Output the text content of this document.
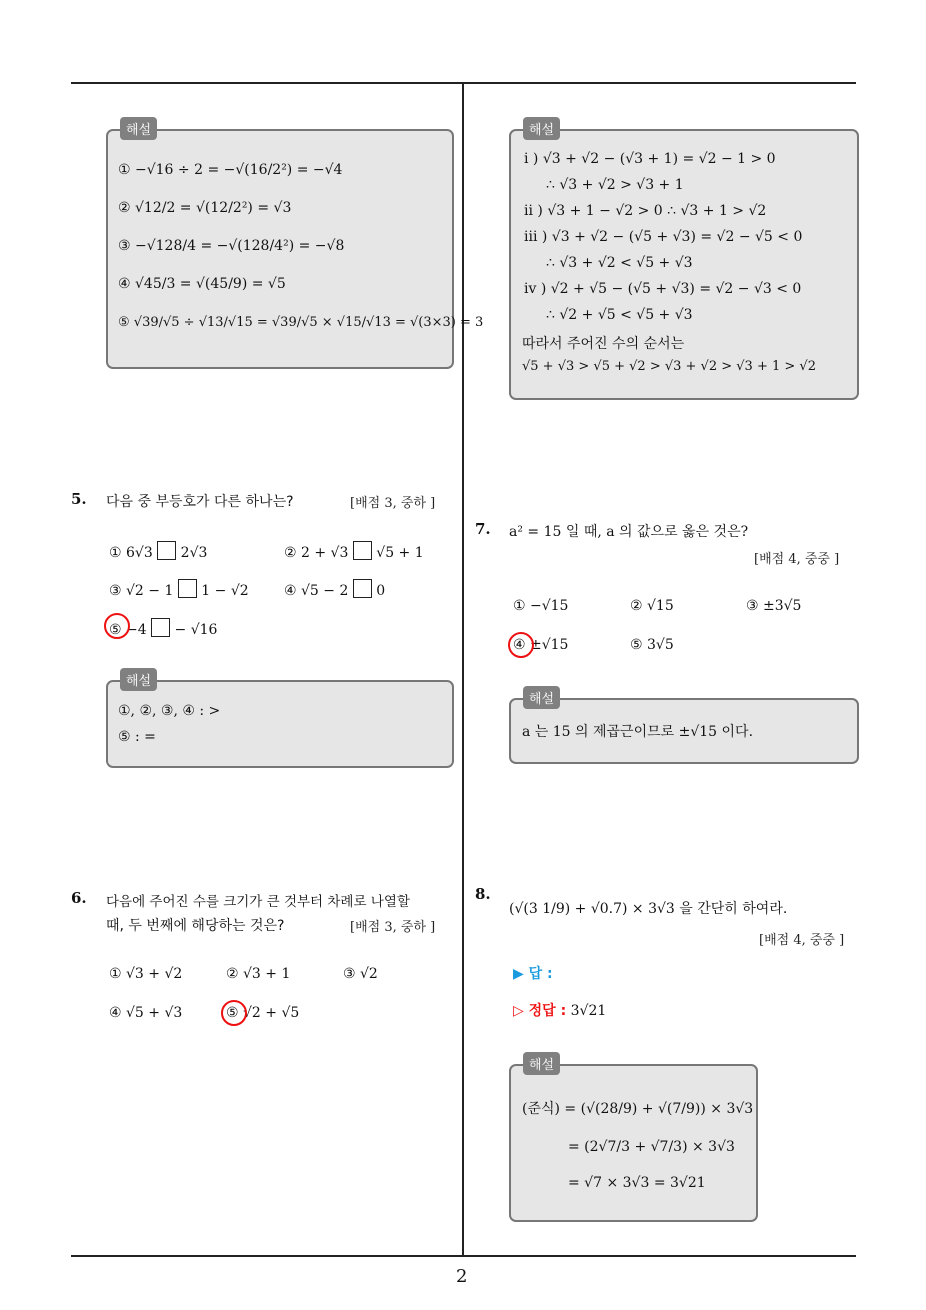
해설
① −√16 ÷ 2 = −√(16/2²) = −√4
② √12/2 = √(12/2²) = √3
③ −√128/4 = −√(128/4²) = −√8
④ √45/3 = √(45/9) = √5
⑤ √39/√5 ÷ √13/√15 = √39/√5 × √15/√13 = √(3×3) = 3
해설
i ) √3 + √2 − (√3 + 1) = √2 − 1 > 0
∴ √3 + √2 > √3 + 1
ii ) √3 + 1 − √2 > 0 ∴ √3 + 1 > √2
iii ) √3 + √2 − (√5 + √3) = √2 − √5 < 0
∴ √3 + √2 < √5 + √3
iv ) √2 + √5 − (√5 + √3) = √2 − √3 < 0
∴ √2 + √5 < √5 + √3
따라서 주어진 수의 순서는
√5 + √3 > √5 + √2 > √3 + √2 > √3 + 1 > √2
5. 다음 중 부등호가 다른 하나는?	[배점 3, 중하 ]
① 6√3 2√3	② 2 + √3 √5 + 1
③ √2 − 1 1 − √2	④ √5 − 2 0
⑤ −4 − √16
해설
①, ②, ③, ④ : >
⑤ : =
6. 다음에 주어진 수를 크기가 큰 것부터 차례로 나열할
때, 두 번째에 해당하는 것은?	[배점 3, 중하 ]
① √3 + √2	② √3 + 1	③ √2
④ √5 + √3	⑤ √2 + √5
7. a² = 15 일 때, a 의 값으로 옳은 것은?
[배점 4, 중중 ]
① −√15	② √15	③ ±3√5
④ ±√15	⑤ 3√5
해설
a 는 15 의 제곱근이므로 ±√15 이다.
8.
(√(3 1/9) + √0.7) × 3√3 을 간단히 하여라.
[배점 4, 중중 ]
▶ 답 :
▷ 정답 : 3√21
해설
(준식) = (√(28/9) + √(7/9)) × 3√3
= (2√7/3 + √7/3) × 3√3
= √7 × 3√3 = 3√21
2
